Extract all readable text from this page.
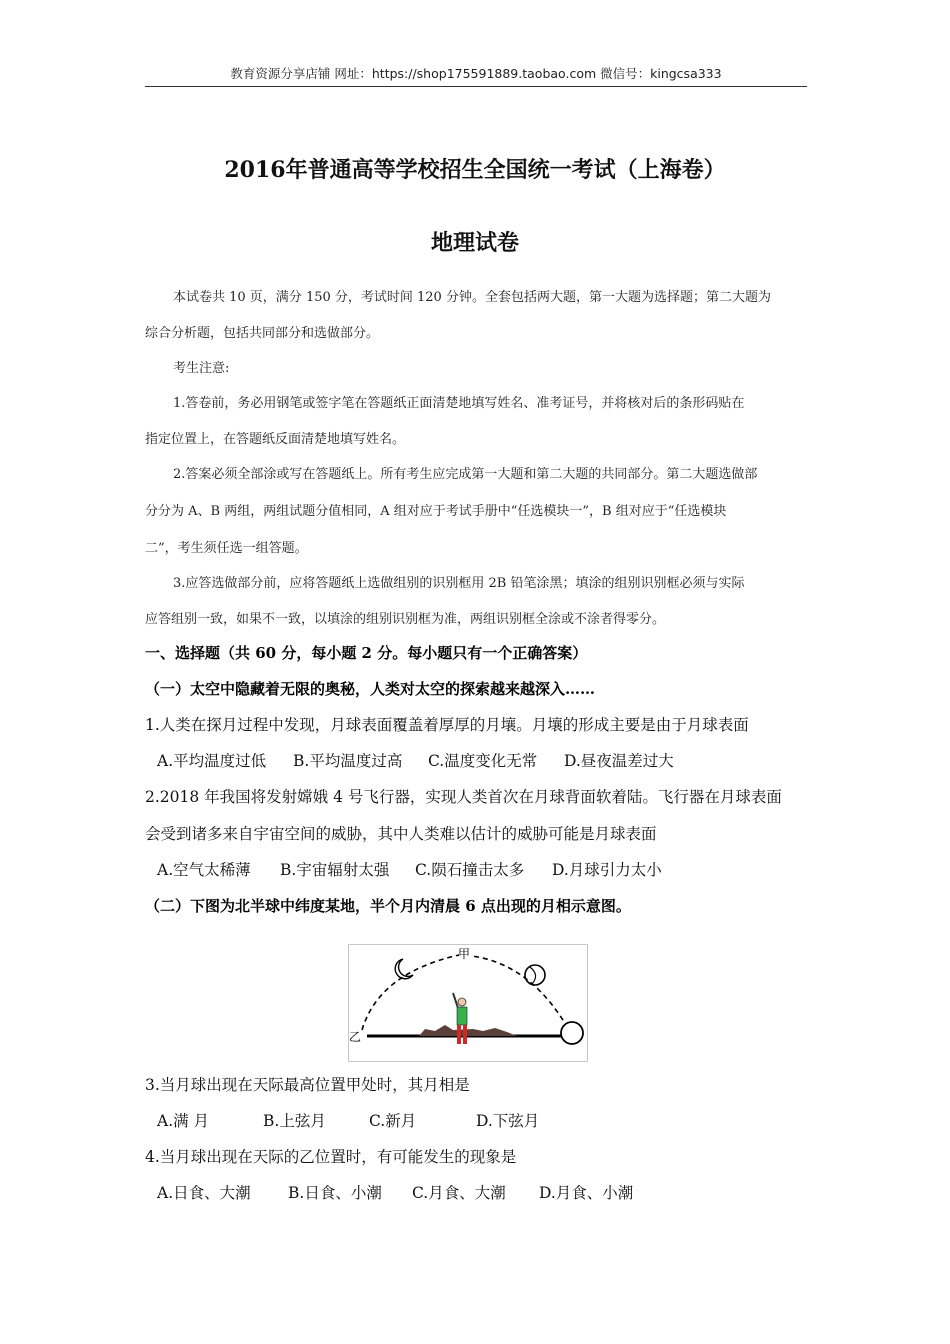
教育资源分享店铺 网址：https://shop175591889.taobao.com 微信号：kingcsa333
2016年普通高等学校招生全国统一考试（上海卷）
地理试卷
本试卷共 10 页，满分 150 分，考试时间 120 分钟。全套包括两大题，第一大题为选择题；第二大题为
综合分析题，包括共同部分和选做部分。
考生注意:
1.答卷前，务必用钢笔或签字笔在答题纸正面清楚地填写姓名、准考证号，并将核对后的条形码贴在
指定位置上，在答题纸反面清楚地填写姓名。
2.答案必须全部涂或写在答题纸上。所有考生应完成第一大题和第二大题的共同部分。第二大题选做部
分分为 A、B 两组，两组试题分值相同，A 组对应于考试手册中“任选模块一”，B 组对应于“任选模块
二”，考生须任选一组答题。
3.应答选做部分前，应将答题纸上选做组别的识别框用 2B 铅笔涂黑；填涂的组别识别框必须与实际
应答组别一致，如果不一致，以填涂的组别识别框为准，两组识别框全涂或不涂者得零分。
一、选择题（共 60 分，每小题 2 分。每小题只有一个正确答案）
（一）太空中隐藏着无限的奥秘，人类对太空的探索越来越深入……
1.人类在探月过程中发现，月球表面覆盖着厚厚的月壤。月壤的形成主要是由于月球表面
A.平均温度过低 B.平均温度过高 C.温度变化无常 D.昼夜温差过大
2.2018 年我国将发射嫦娥 4 号飞行器，实现人类首次在月球背面软着陆。飞行器在月球表面
会受到诸多来自宇宙空间的威胁，其中人类难以估计的威胁可能是月球表面
A.空气太稀薄 B.宇宙辐射太强 C.陨石撞击太多 D.月球引力太小
（二）下图为北半球中纬度某地，半个月内清晨 6 点出现的月相示意图。
甲
乙
3.当月球出现在天际最高位置甲处时，其月相是
A.满 月	B.上弦月	C.新月	D.下弦月
4.当月球出现在天际的乙位置时，有可能发生的现象是
A.日食、大潮 B.日食、小潮 C.月食、大潮 D.月食、小潮
